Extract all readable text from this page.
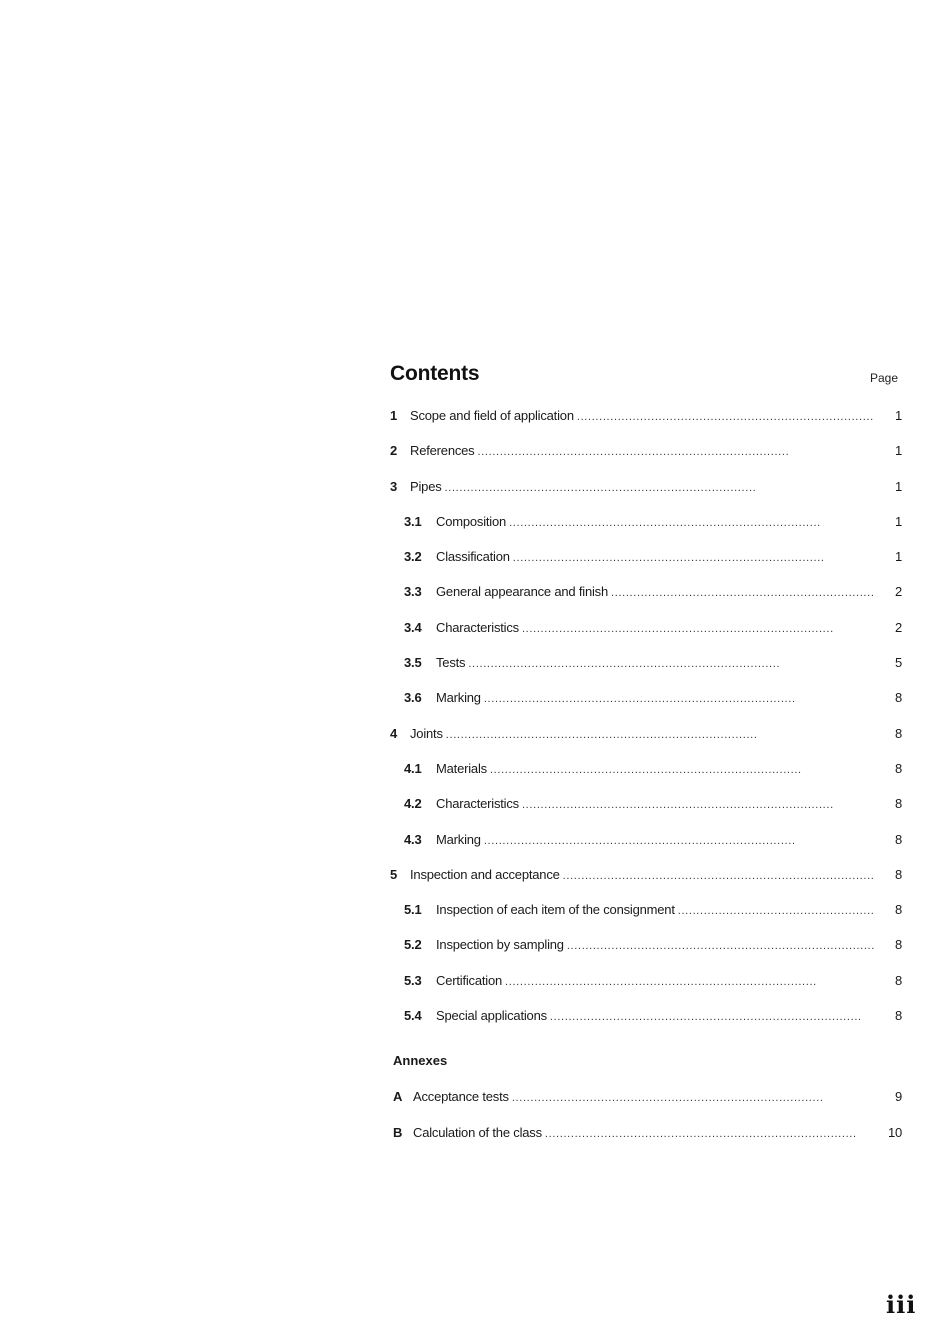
Contents	Page
1 Scope and field of application . . .	1
2 References . . .	1
3 Pipes . . .	1
3.1	Composition . . .	1
3.2	Classification . . .	1
3.3	General appearance and finish . . .	2
3.4	Characteristics . . .	2
3.5	Tests . . .	5
3.6	Marking . . .	8
4 Joints . . .	8
4.1	Materials . . .	8
4.2	Characteristics . . .	8
4.3	Marking . . .	8
5 Inspection and acceptance . . .	8
5.1	Inspection of each item of the consignment . . .	8
5.2	Inspection by sampling . . .	8
5.3	Certification . . .	8
5.4	Special applications . . .	8
Annexes
A Acceptance tests . . .	9
B Calculation of the class . . .	10
iii
